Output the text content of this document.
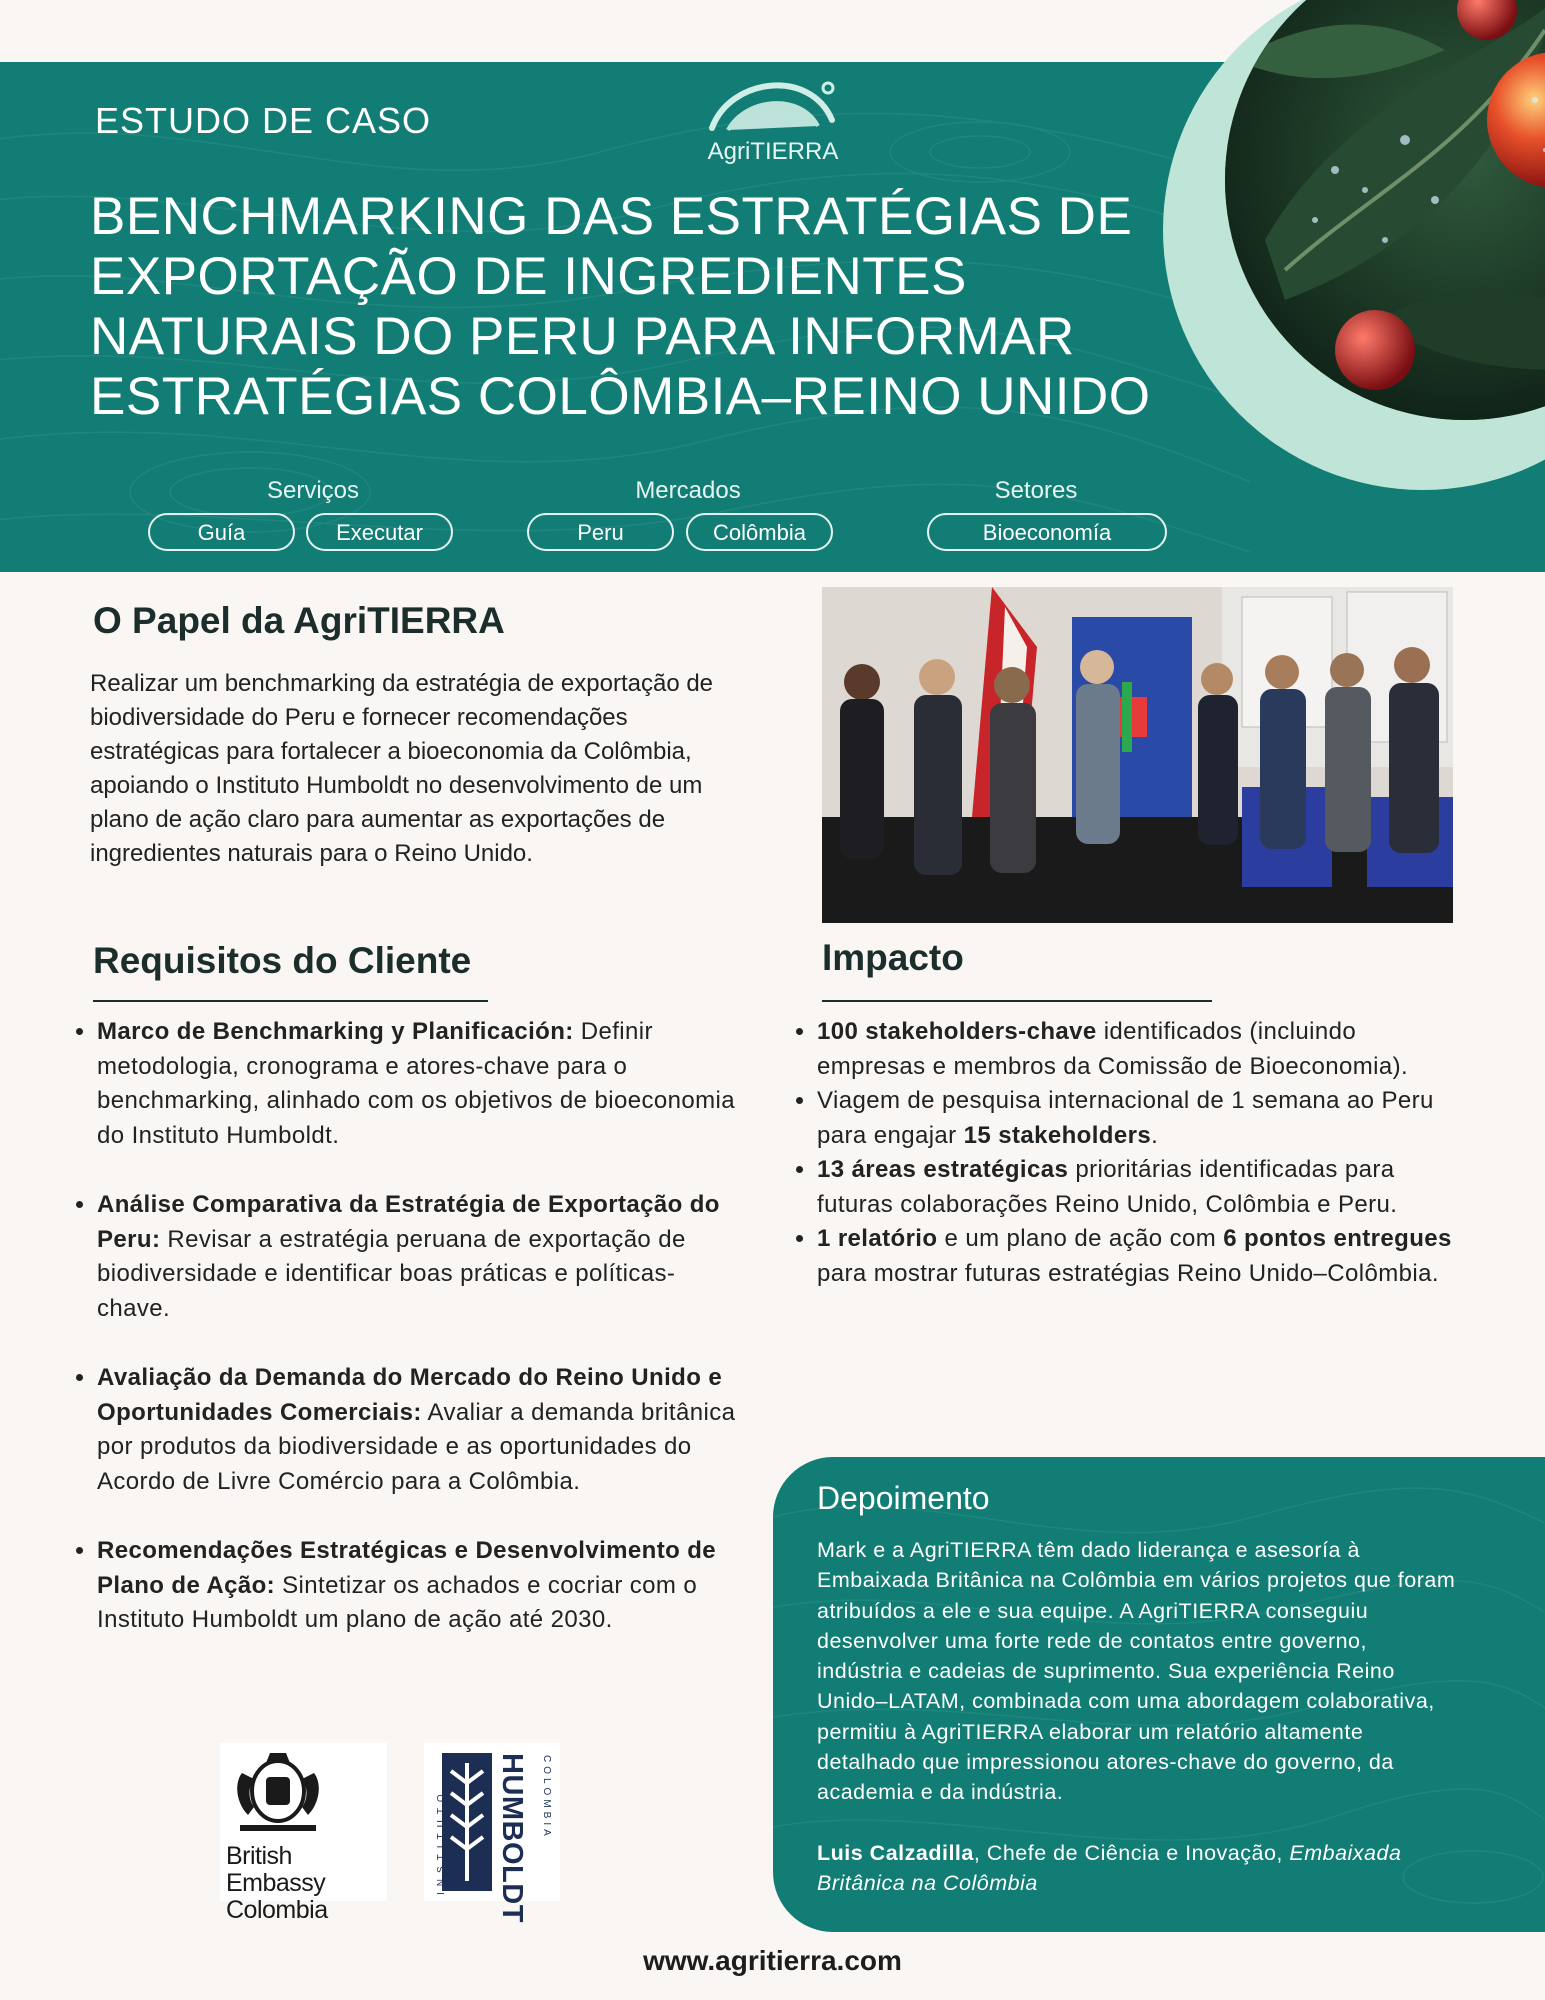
ESTUDO DE CASO
AgriTIERRA
BENCHMARKING DAS ESTRATÉGIAS DE EXPORTAÇÃO DE INGREDIENTES NATURAIS DO PERU PARA INFORMAR ESTRATÉGIAS COLÔMBIA–REINO UNIDO
Serviços
Guía	Executar
Mercados
Peru	Colômbia
Setores
Bioeconomía
O Papel da AgriTIERRA
Realizar um benchmarking da estratégia de exportação de biodiversidade do Peru e fornecer recomendações estratégicas para fortalecer a bioeconomia da Colômbia, apoiando o Instituto Humboldt no desenvolvimento de um plano de ação claro para aumentar as exportações de ingredientes naturais para o Reino Unido.
Requisitos do Cliente
• Marco de Benchmarking y Planificación: Definir metodologia, cronograma e atores-chave para o benchmarking, alinhado com os objetivos de bioeconomia do Instituto Humboldt.
• Análise Comparativa da Estratégia de Exportação do Peru: Revisar a estratégia peruana de exportação de biodiversidade e identificar boas práticas e políticas-chave.
• Avaliação da Demanda do Mercado do Reino Unido e Oportunidades Comerciais: Avaliar a demanda britânica por produtos da biodiversidade e as oportunidades do Acordo de Livre Comércio para a Colômbia.
• Recomendações Estratégicas e Desenvolvimento de Plano de Ação: Sintetizar os achados e cocriar com o Instituto Humboldt um plano de ação até 2030.
Impacto
• 100 stakeholders-chave identificados (incluindo empresas e membros da Comissão de Bioeconomia).
• Viagem de pesquisa internacional de 1 semana ao Peru para engajar 15 stakeholders.
• 13 áreas estratégicas prioritárias identificadas para futuras colaborações Reino Unido, Colômbia e Peru.
• 1 relatório e um plano de ação com 6 pontos entregues para mostrar futuras estratégias Reino Unido–Colômbia.
Depoimento
Mark e a AgriTIERRA têm dado liderança e asesoría à Embaixada Britânica na Colômbia em vários projetos que foram atribuídos a ele e sua equipe. A AgriTIERRA conseguiu desenvolver uma forte rede de contatos entre governo, indústria e cadeias de suprimento. Sua experiência Reino Unido–LATAM, combinada com uma abordagem colaborativa, permitiu à AgriTIERRA elaborar um relatório altamente detalhado que impressionou atores-chave do governo, da academia e da indústria.
Luis Calzadilla, Chefe de Ciência e Inovação, Embaixada Britânica na Colômbia
British Embassy
Colombia
INSTITUTO HUMBOLDT COLOMBIA
www.agritierra.com
